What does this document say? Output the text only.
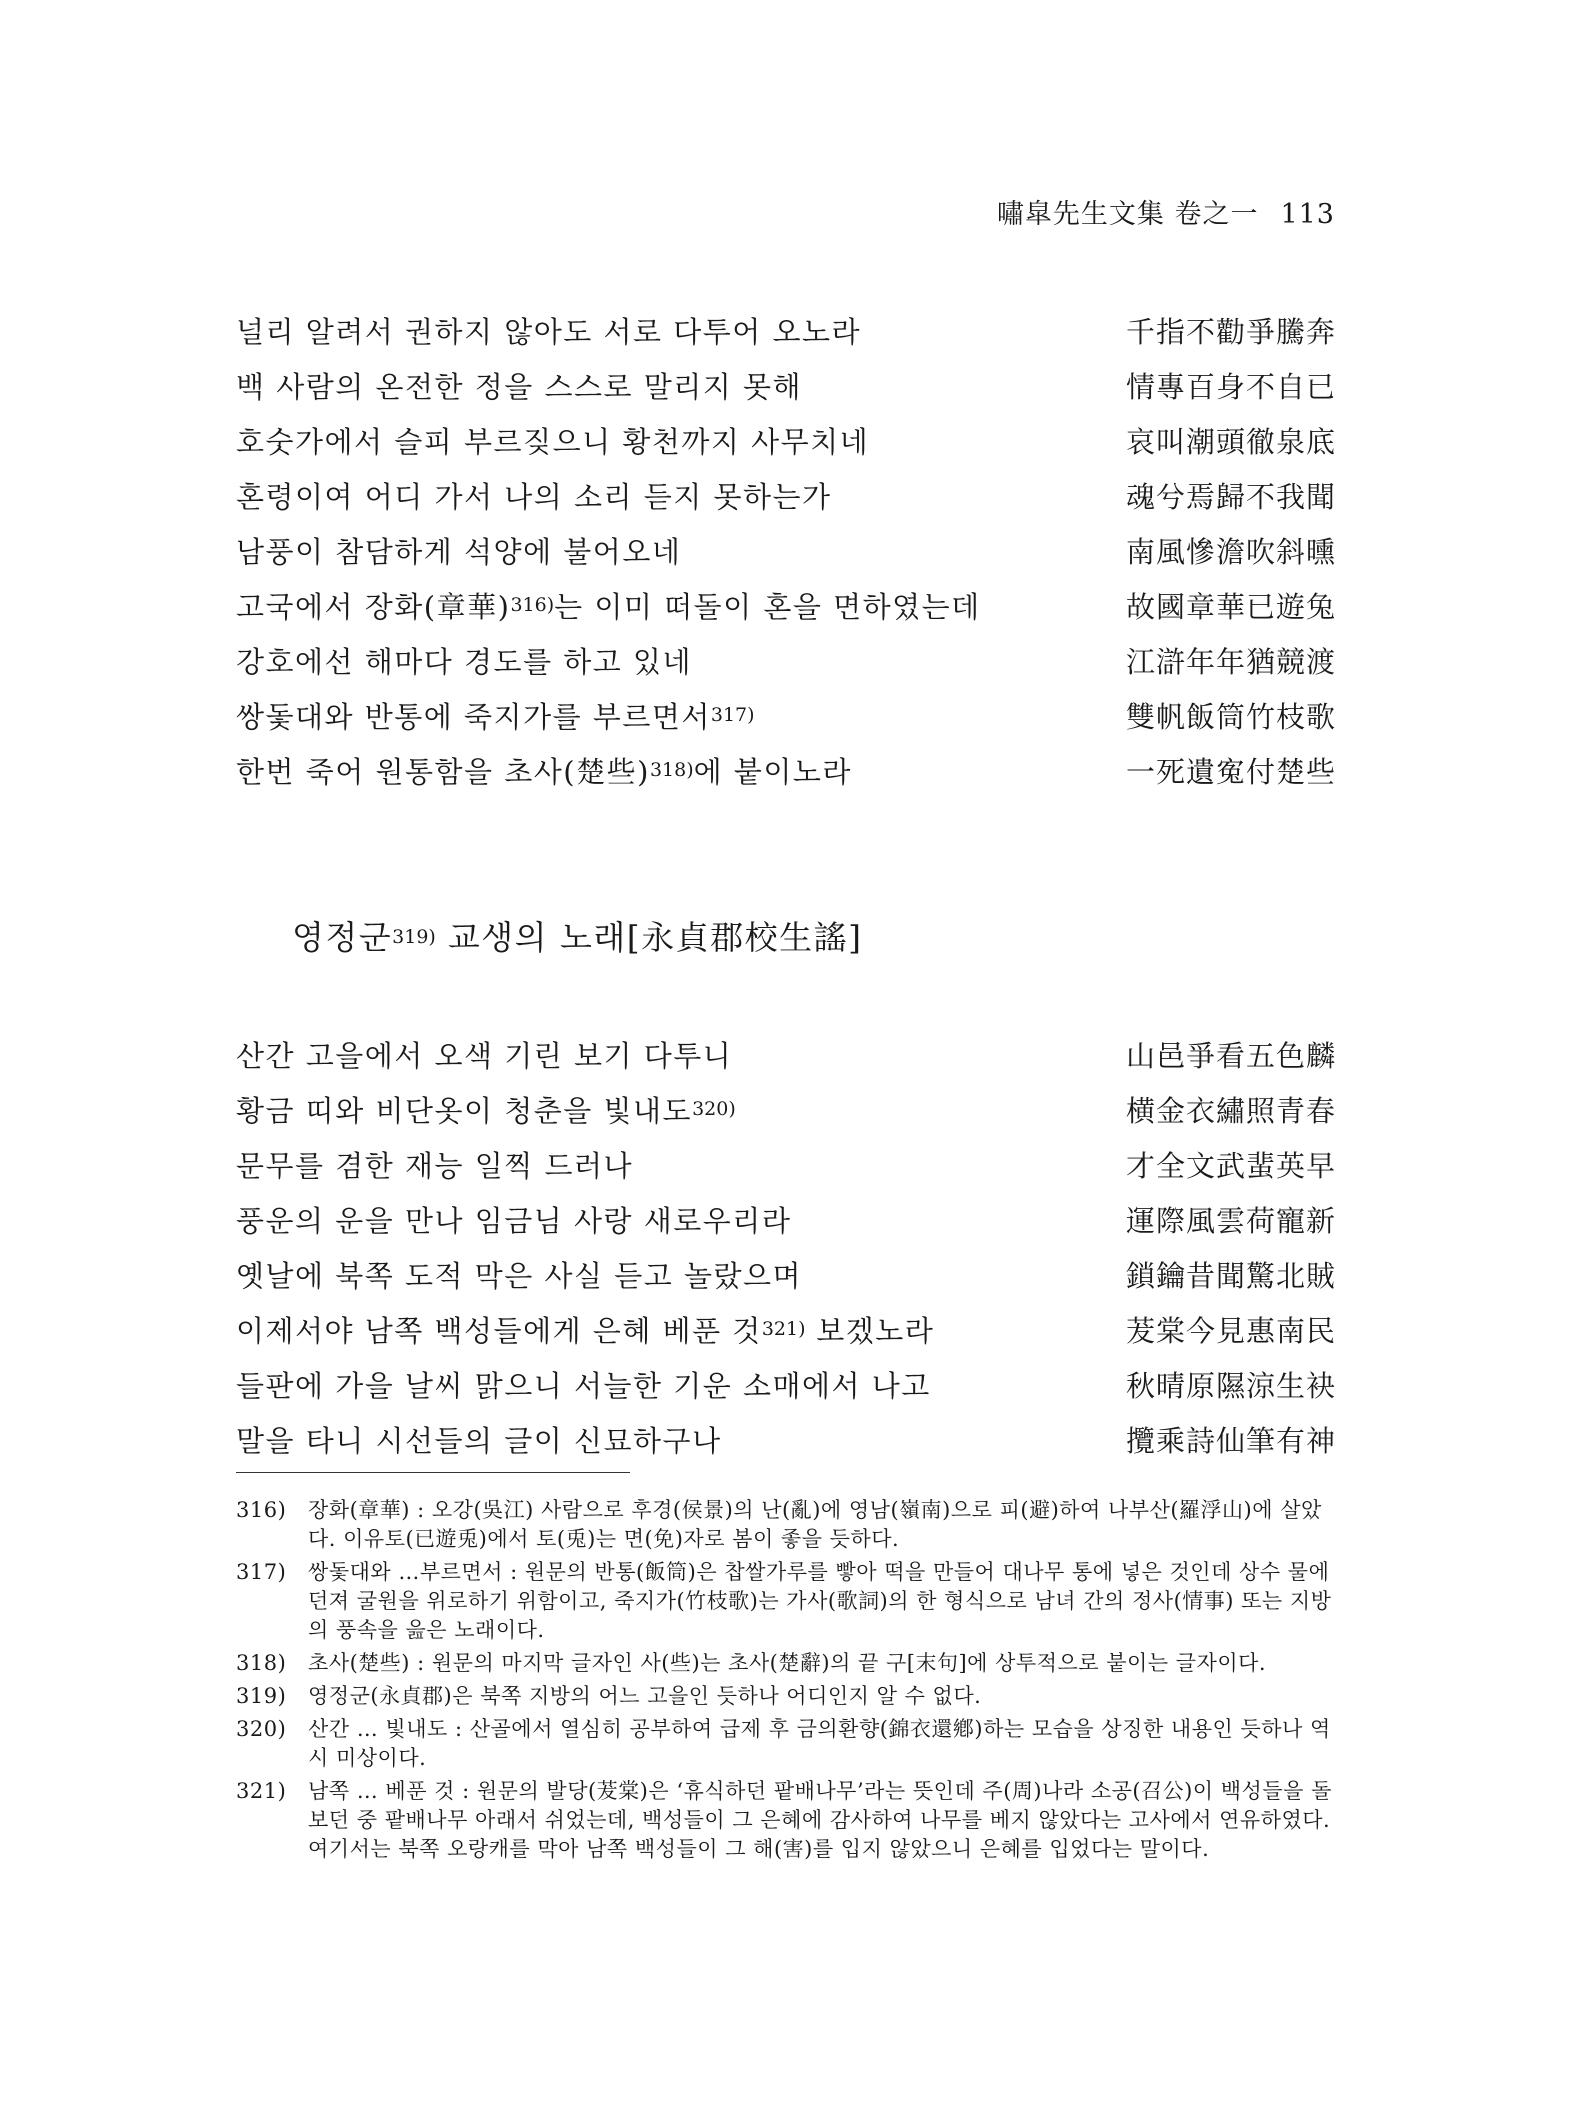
嘯皐先生文集 卷之一 113
널리 알려서 권하지 않아도 서로 다투어 오노라	千指不勸爭騰奔
백 사람의 온전한 정을 스스로 말리지 못해	情專百身不自已
호숫가에서 슬피 부르짖으니 황천까지 사무치네	哀叫潮頭徹泉底
혼령이여 어디 가서 나의 소리 듣지 못하는가	魂兮焉歸不我聞
남풍이 참담하게 석양에 불어오네	南風慘澹吹斜曛
고국에서 장화(章華)$^{316)}$는 이미 떠돌이 혼을 면하였는데	故國章華已遊兔
강호에선 해마다 경도를 하고 있네	江滸年年猶競渡
쌍돛대와 반통에 죽지가를 부르면서$^{317)}$	雙帆飯筒竹枝歌
한번 죽어 원통함을 초사(楚些)$^{318)}$에 붙이노라	一死遺寃付楚些
영정군$^{319)}$ 교생의 노래[永貞郡校生謠]
산간 고을에서 오색 기린 보기 다투니	山邑爭看五色麟
황금 띠와 비단옷이 청춘을 빛내도$^{320)}$	横金衣繡照青春
문무를 겸한 재능 일찍 드러나	才全文武蜚英早
풍운의 운을 만나 임금님 사랑 새로우리라	運際風雲荷寵新
옛날에 북쪽 도적 막은 사실 듣고 놀랐으며	鎖鑰昔聞驚北賊
이제서야 남쪽 백성들에게 은혜 베푼 것$^{321)}$ 보겠노라	茇棠今見惠南民
들판에 가을 날씨 맑으니 서늘한 기운 소매에서 나고	秋晴原隰涼生袂
말을 타니 시선들의 글이 신묘하구나	攬乘詩仙筆有神
316) 장화(章華) : 오강(吳江) 사람으로 후경(侯景)의 난(亂)에 영남(嶺南)으로 피(避)하여 나부산(羅浮山)에 살았다. 이유토(已遊兎)에서 토(兎)는 면(免)자로 봄이 좋을 듯하다.
317) 쌍돛대와 …부르면서 : 원문의 반통(飯筒)은 찹쌀가루를 빻아 떡을 만들어 대나무 통에 넣은 것인데 상수 물에 던져 굴원을 위로하기 위함이고, 죽지가(竹枝歌)는 가사(歌詞)의 한 형식으로 남녀 간의 정사(情事) 또는 지방의 풍속을 읊은 노래이다.
318) 초사(楚些) : 원문의 마지막 글자인 사(些)는 초사(楚辭)의 끝 구[末句]에 상투적으로 붙이는 글자이다.
319) 영정군(永貞郡)은 북쪽 지방의 어느 고을인 듯하나 어디인지 알 수 없다.
320) 산간 … 빛내도 : 산골에서 열심히 공부하여 급제 후 금의환향(錦衣還鄕)하는 모습을 상징한 내용인 듯하나 역시 미상이다.
321) 남쪽 … 베푼 것 : 원문의 발당(茇棠)은 ‘휴식하던 팥배나무’라는 뜻인데 주(周)나라 소공(召公)이 백성들을 돌보던 중 팥배나무 아래서 쉬었는데, 백성들이 그 은혜에 감사하여 나무를 베지 않았다는 고사에서 연유하였다. 여기서는 북쪽 오랑캐를 막아 남쪽 백성들이 그 해(害)를 입지 않았으니 은혜를 입었다는 말이다.
